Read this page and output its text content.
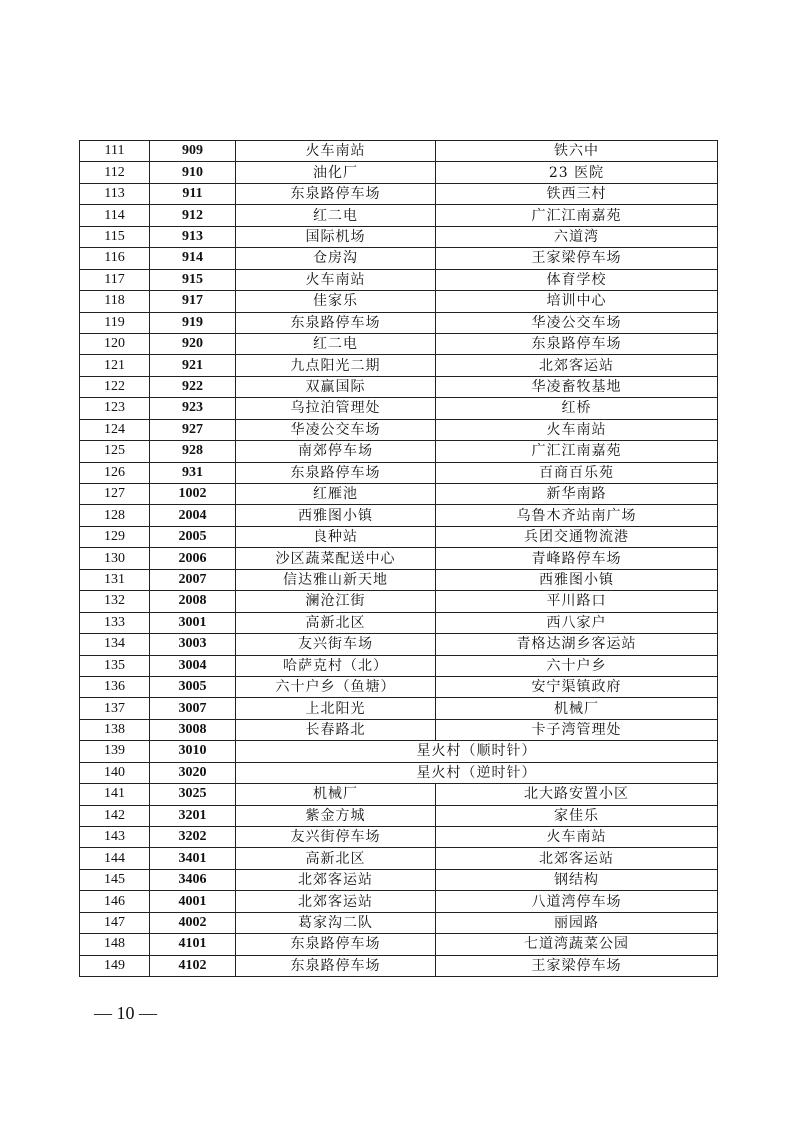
111	909	火车南站	铁六中
112	910	油化厂	23 医院
113	911	东泉路停车场	铁西三村
114	912	红二电	广汇江南嘉苑
115	913	国际机场	六道湾
116	914	仓房沟	王家梁停车场
117	915	火车南站	体育学校
118	917	佳家乐	培训中心
119	919	东泉路停车场	华凌公交车场
120	920	红二电	东泉路停车场
121	921	九点阳光二期	北郊客运站
122	922	双赢国际	华凌畜牧基地
123	923	乌拉泊管理处	红桥
124	927	华凌公交车场	火车南站
125	928	南郊停车场	广汇江南嘉苑
126	931	东泉路停车场	百商百乐苑
127	1002	红雁池	新华南路
128	2004	西雅图小镇	乌鲁木齐站南广场
129	2005	良种站	兵团交通物流港
130	2006	沙区蔬菜配送中心	青峰路停车场
131	2007	信达雅山新天地	西雅图小镇
132	2008	澜沧江街	平川路口
133	3001	高新北区	西八家户
134	3003	友兴街车场	青格达湖乡客运站
135	3004	哈萨克村（北）	六十户乡
136	3005	六十户乡（鱼塘）	安宁渠镇政府
137	3007	上北阳光	机械厂
138	3008	长春路北	卡子湾管理处
139	3010	星火村（顺时针）	
140	3020	星火村（逆时针）	
141	3025	机械厂	北大路安置小区
142	3201	紫金方城	家佳乐
143	3202	友兴街停车场	火车南站
144	3401	高新北区	北郊客运站
145	3406	北郊客运站	钢结构
146	4001	北郊客运站	八道湾停车场
147	4002	葛家沟二队	丽园路
148	4101	东泉路停车场	七道湾蔬菜公园
149	4102	东泉路停车场	王家梁停车场
— 10 —
